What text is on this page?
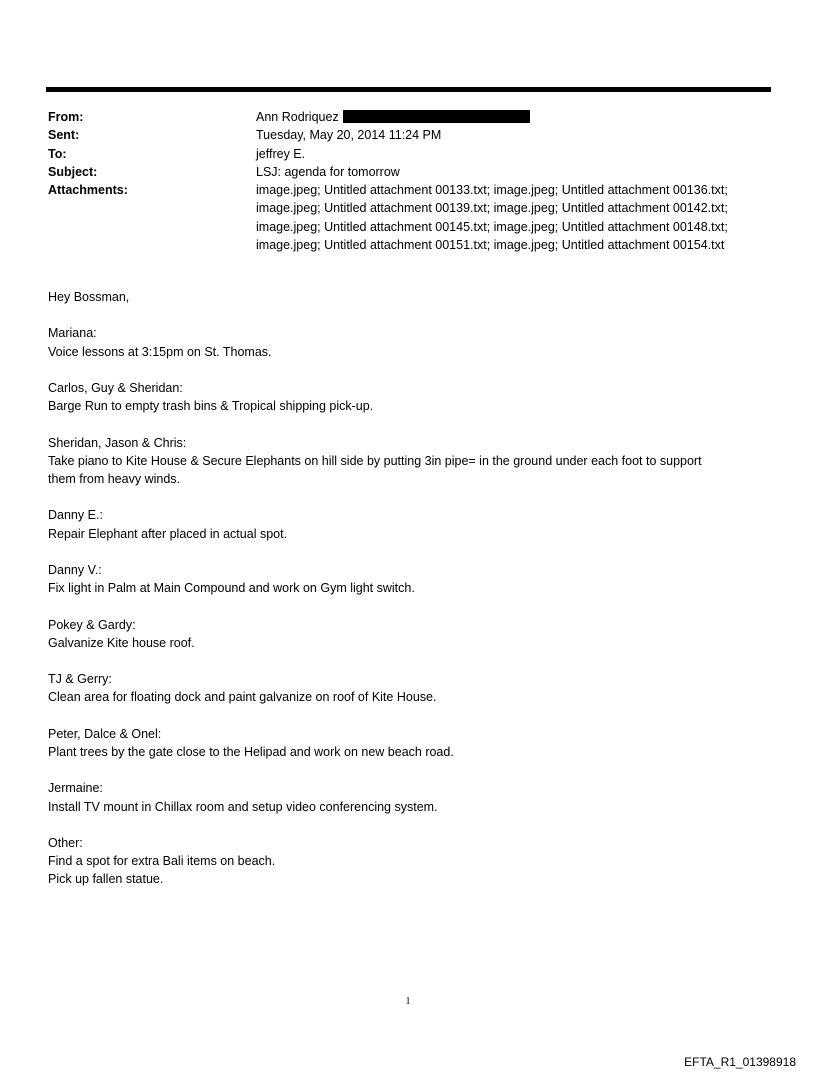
From:	Ann Rodriquez
Sent:	Tuesday, May 20, 2014 11:24 PM
To:	jeffrey E.
Subject:	LSJ: agenda for tomorrow
Attachments:	image.jpeg; Untitled attachment 00133.txt; image.jpeg; Untitled attachment 00136.txt;
image.jpeg; Untitled attachment 00139.txt; image.jpeg; Untitled attachment 00142.txt;
image.jpeg; Untitled attachment 00145.txt; image.jpeg; Untitled attachment 00148.txt;
image.jpeg; Untitled attachment 00151.txt; image.jpeg; Untitled attachment 00154.txt

Hey Bossman,

Mariana:

Voice lessons at 3:15pm on St. Thomas.

Carlos, Guy & Sheridan:

Barge Run to empty trash bins & Tropical shipping pick-up.

Sheridan, Jason & Chris:

Take piano to Kite House & Secure Elephants on hill side by putting 3in pipe= in the ground under each foot to support

them from heavy winds.

Danny E.:

Repair Elephant after placed in actual spot.

Danny V.:

Fix light in Palm at Main Compound and work on Gym light switch.

Pokey & Gardy:

Galvanize Kite house roof.

TJ & Gerry:

Clean area for floating dock and paint galvanize on roof of Kite House.

Peter, Dalce & Onel:

Plant trees by the gate close to the Helipad and work on new beach road.

Jermaine:

Install TV mount in Chillax room and setup video conferencing system.

Other:

Find a spot for extra Bali items on beach.

Pick up fallen statue.

1
EFTA_R1_01398918
